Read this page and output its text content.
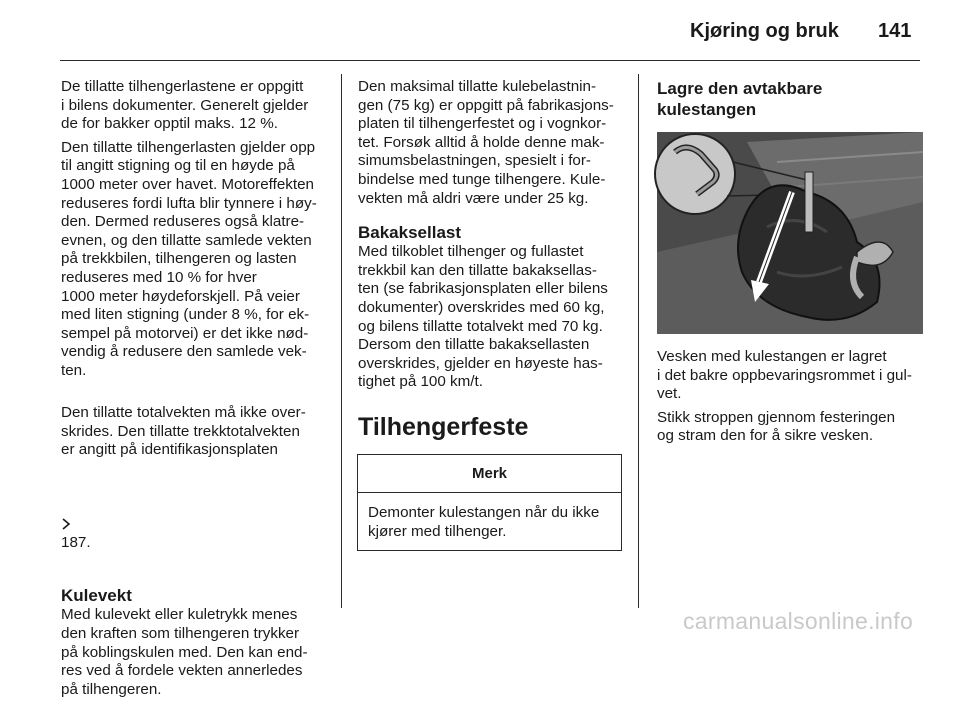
Kjøring og bruk 141
De tillatte tilhengerlastene er oppgitt
i bilens dokumenter. Generelt gjelder
de for bakker opptil maks. 12 %.
Den tillatte tilhengerlasten gjelder opp
til angitt stigning og til en høyde på
1000 meter over havet. Motoreffekten
reduseres fordi lufta blir tynnere i høy-
den. Dermed reduseres også klatre-
evnen, og den tillatte samlede vekten
på trekkbilen, tilhengeren og lasten
reduseres med 10 % for hver
1000 meter høydeforskjell. På veier
med liten stigning (under 8 %, for ek-
sempel på motorvei) er det ikke nød-
vendig å redusere den samlede vek-
ten.

Den tillatte totalvekten må ikke over-
skrides. Den tillatte trekktotalvekten
er angitt på identifikasjonsplaten

187.

Kulevekt
Med kulevekt eller kuletrykk menes
den kraften som tilhengeren trykker
på koblingskulen med. Den kan end-
res ved å fordele vekten annerledes
på tilhengeren.
Den maksimal tillatte kulebelastnin-
gen (75 kg) er oppgitt på fabrikasjons-
platen til tilhengerfestet og i vognkor-
tet. Forsøk alltid å holde denne mak-
simumsbelastningen, spesielt i for-
bindelse med tunge tilhengere. Kule-
vekten må aldri være under 25 kg.
Bakaksellast
Med tilkoblet tilhenger og fullastet
trekkbil kan den tillatte bakaksellas-
ten (se fabrikasjonsplaten eller bilens
dokumenter) overskrides med 60 kg,
og bilens tillatte totalvekt med 70 kg.
Dersom den tillatte bakaksellasten
overskrides, gjelder en høyeste has-
tighet på 100 km/t.
Tilhengerfeste
Merk
Demonter kulestangen når du ikke
kjører med tilhenger.
Lagre den avtakbare
kulestangen
Vesken med kulestangen er lagret
i det bakre oppbevaringsrommet i gul-
vet.
Stikk stroppen gjennom festeringen
og stram den for å sikre vesken.
carmanualsonline.info
